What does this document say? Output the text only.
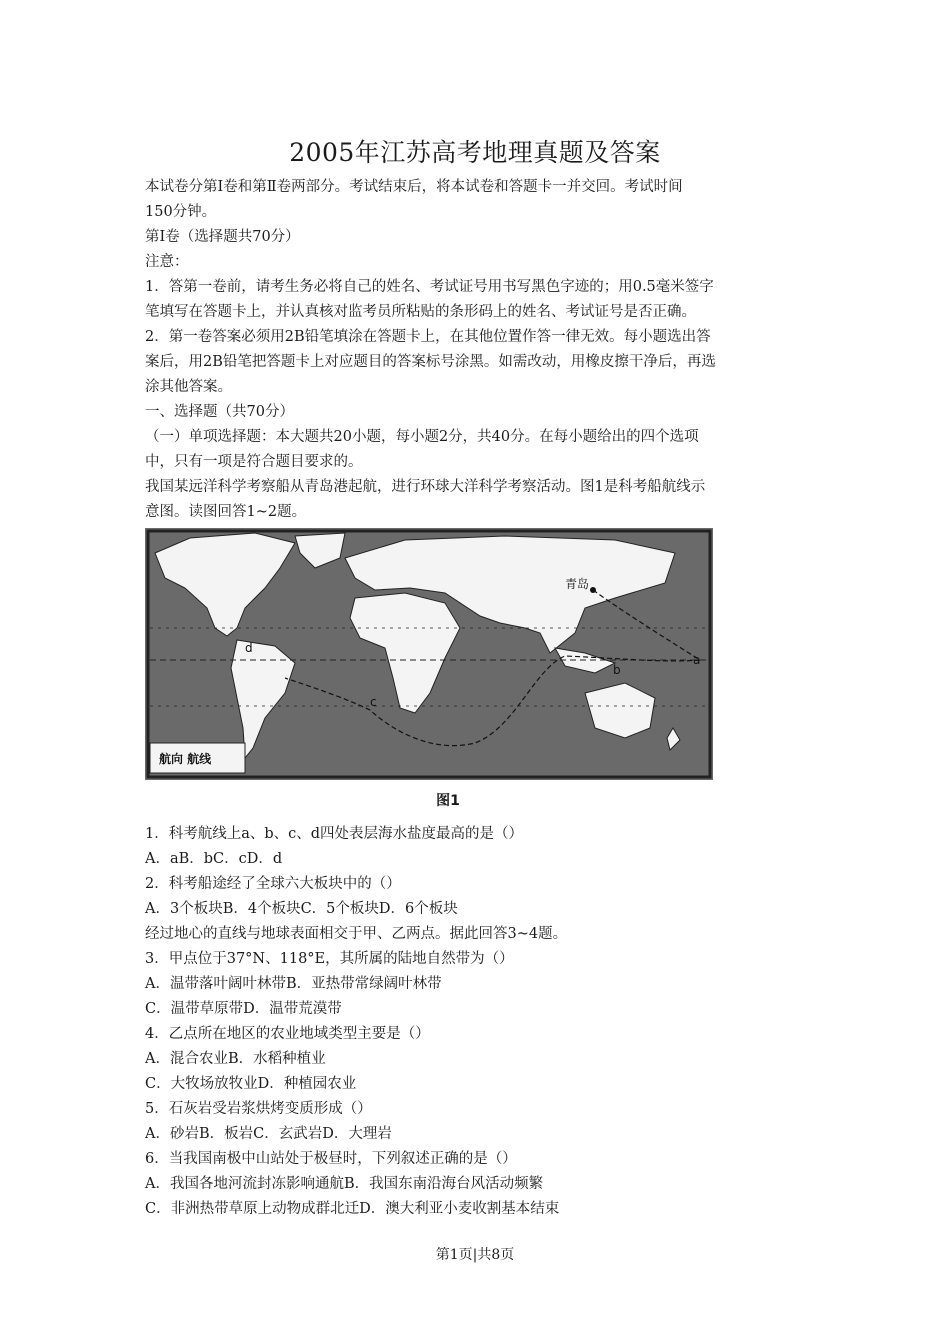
2005年江苏高考地理真题及答案
本试卷分第Ⅰ卷和第Ⅱ卷两部分。考试结束后，将本试卷和答题卡一并交回。考试时间
150分钟。
第Ⅰ卷（选择题共70分）
注意：
1．答第一卷前，请考生务必将自己的姓名、考试证号用书写黑色字迹的；用0.5毫米签字
笔填写在答题卡上，并认真核对监考员所粘贴的条形码上的姓名、考试证号是否正确。
2．第一卷答案必须用2B铅笔填涂在答题卡上，在其他位置作答一律无效。每小题选出答
案后，用2B铅笔把答题卡上对应题目的答案标号涂黑。如需改动，用橡皮擦干净后，再选
涂其他答案。
一、选择题（共70分）
（一）单项选择题：本大题共20小题，每小题2分，共40分。在每小题给出的四个选项
中，只有一项是符合题目要求的。
我国某远洋科学考察船从青岛港起航，进行环球大洋科学考察活动。图1是科考船航线示
意图。读图回答1~2题。
青岛
a
b
c
d
航向 航线
图1
1．科考航线上a、b、c、d四处表层海水盐度最高的是（）
A．aB．bC．cD．d
2．科考船途经了全球六大板块中的（）
A．3个板块B．4个板块C．5个板块D．6个板块
经过地心的直线与地球表面相交于甲、乙两点。据此回答3~4题。
3．甲点位于37°N、118°E，其所属的陆地自然带为（）
A．温带落叶阔叶林带B．亚热带常绿阔叶林带
C．温带草原带D．温带荒漠带
4．乙点所在地区的农业地域类型主要是（）
A．混合农业B．水稻种植业
C．大牧场放牧业D．种植园农业
5．石灰岩受岩浆烘烤变质形成（）
A．砂岩B．板岩C．玄武岩D．大理岩
6．当我国南极中山站处于极昼时，下列叙述正确的是（）
A．我国各地河流封冻影响通航B．我国东南沿海台风活动频繁
C．非洲热带草原上动物成群北迁D．澳大利亚小麦收割基本结束
第1页|共8页
